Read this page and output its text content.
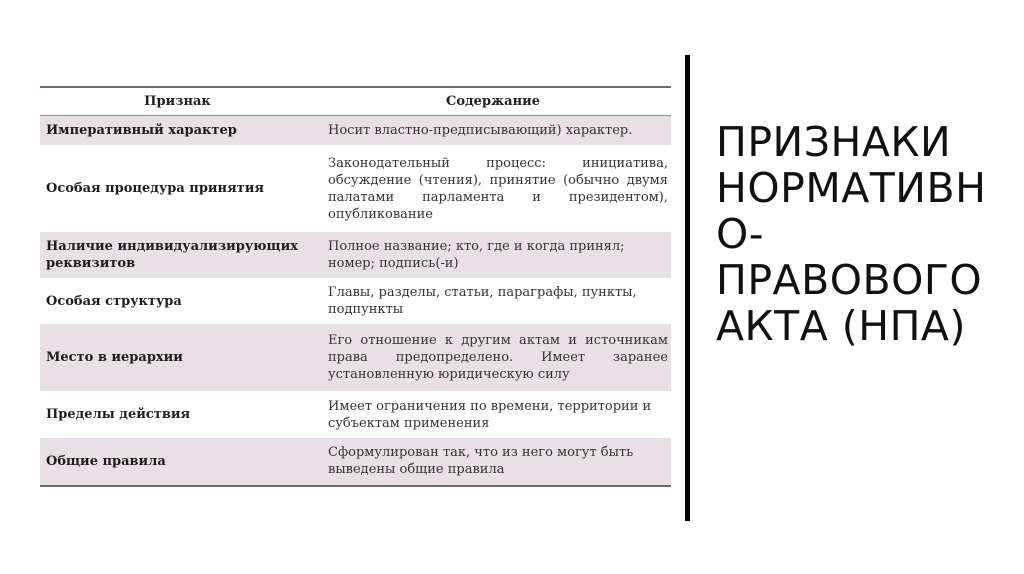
Признак	Содержание
Императивный характер	Носит властно-предписывающий) характер.
Особая процедура принятия	Законодательный процесс: инициатива, обсуждение (чтения), принятие (обычно двумя палатами парламента и президентом), опубликование
Наличие индивидуализирующих реквизитов	Полное название; кто, где и когда принял; номер; подпись(-и)
Особая структура	Главы, разделы, статьи, параграфы, пункты, подпункты
Место в иерархии	Его отношение к другим актам и источникам права предопределено. Имеет заранее установленную юридическую силу
Пределы действия	Имеет ограничения по времени, территории и субъектам применения
Общие правила	Сформулирован так, что из него могут быть выведены общие правила
ПРИЗНАКИ
НОРМАТИВН
О-
ПРАВОВОГО
АКТА (НПА)
